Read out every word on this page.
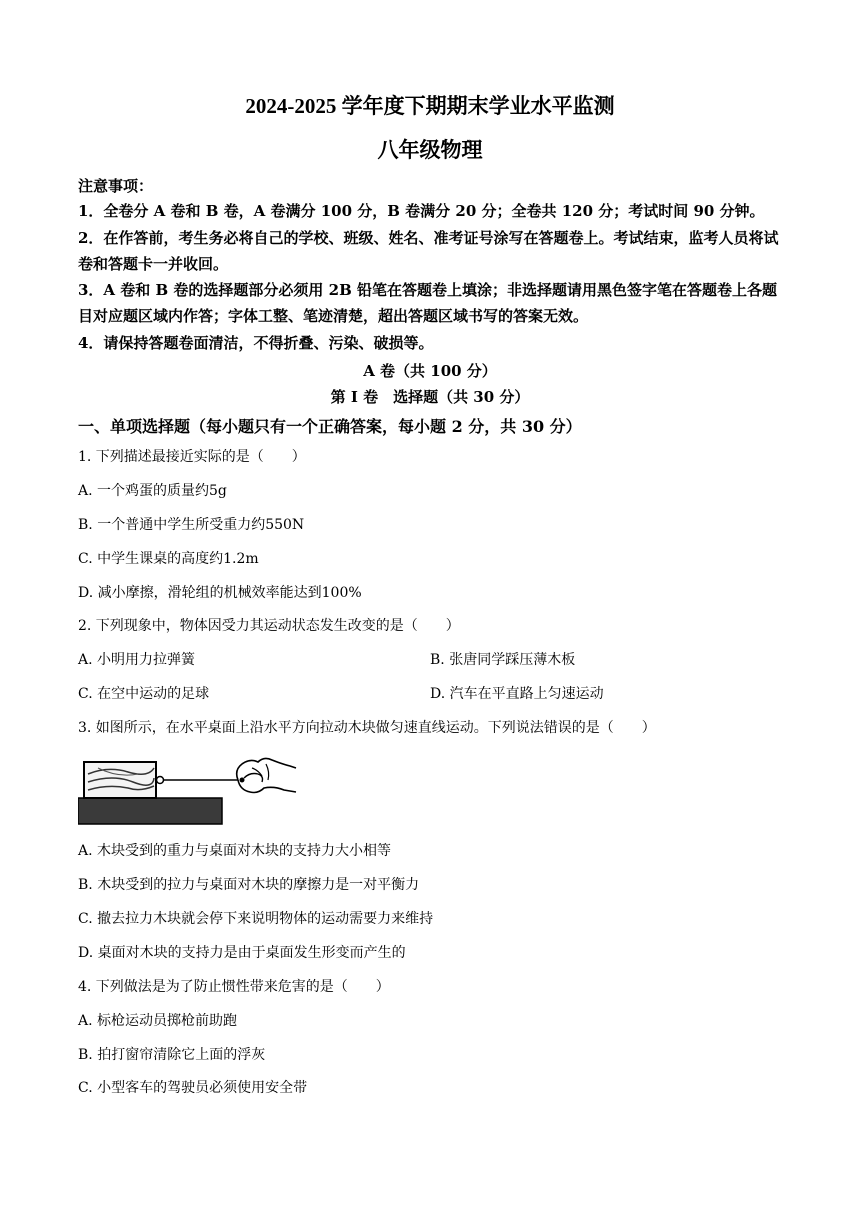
2024-2025 学年度下期期末学业水平监测
八年级物理
注意事项：
1．全卷分 A 卷和 B 卷，A 卷满分 100 分，B 卷满分 20 分；全卷共 120 分；考试时间 90 分钟。
2．在作答前，考生务必将自己的学校、班级、姓名、准考证号涂写在答题卷上。考试结束，监考人员将试卷和答题卡一并收回。
3．A 卷和 B 卷的选择题部分必须用 2B 铅笔在答题卷上填涂；非选择题请用黑色签字笔在答题卷上各题目对应题区域内作答；字体工整、笔迹清楚，超出答题区域书写的答案无效。
4．请保持答题卷面清洁，不得折叠、污染、破损等。
A 卷（共 100 分）
第 Ⅰ 卷　选择题（共 30 分）
一、单项选择题（每小题只有一个正确答案，每小题 2 分，共 30 分）
1. 下列描述最接近实际的是（　　）
A. 一个鸡蛋的质量约5g
B. 一个普通中学生所受重力约550N
C. 中学生课桌的高度约1.2m
D. 减小摩擦，滑轮组的机械效率能达到100%
2. 下列现象中，物体因受力其运动状态发生改变的是（　　）
A. 小明用力拉弹簧	B. 张唐同学踩压薄木板
C. 在空中运动的足球	D. 汽车在平直路上匀速运动
3. 如图所示，在水平桌面上沿水平方向拉动木块做匀速直线运动。下列说法错误的是（　　）
A. 木块受到的重力与桌面对木块的支持力大小相等
B. 木块受到的拉力与桌面对木块的摩擦力是一对平衡力
C. 撤去拉力木块就会停下来说明物体的运动需要力来维持
D. 桌面对木块的支持力是由于桌面发生形变而产生的
4. 下列做法是为了防止惯性带来危害的是（　　）
A. 标枪运动员掷枪前助跑
B. 拍打窗帘清除它上面的浮灰
C. 小型客车的驾驶员必须使用安全带
